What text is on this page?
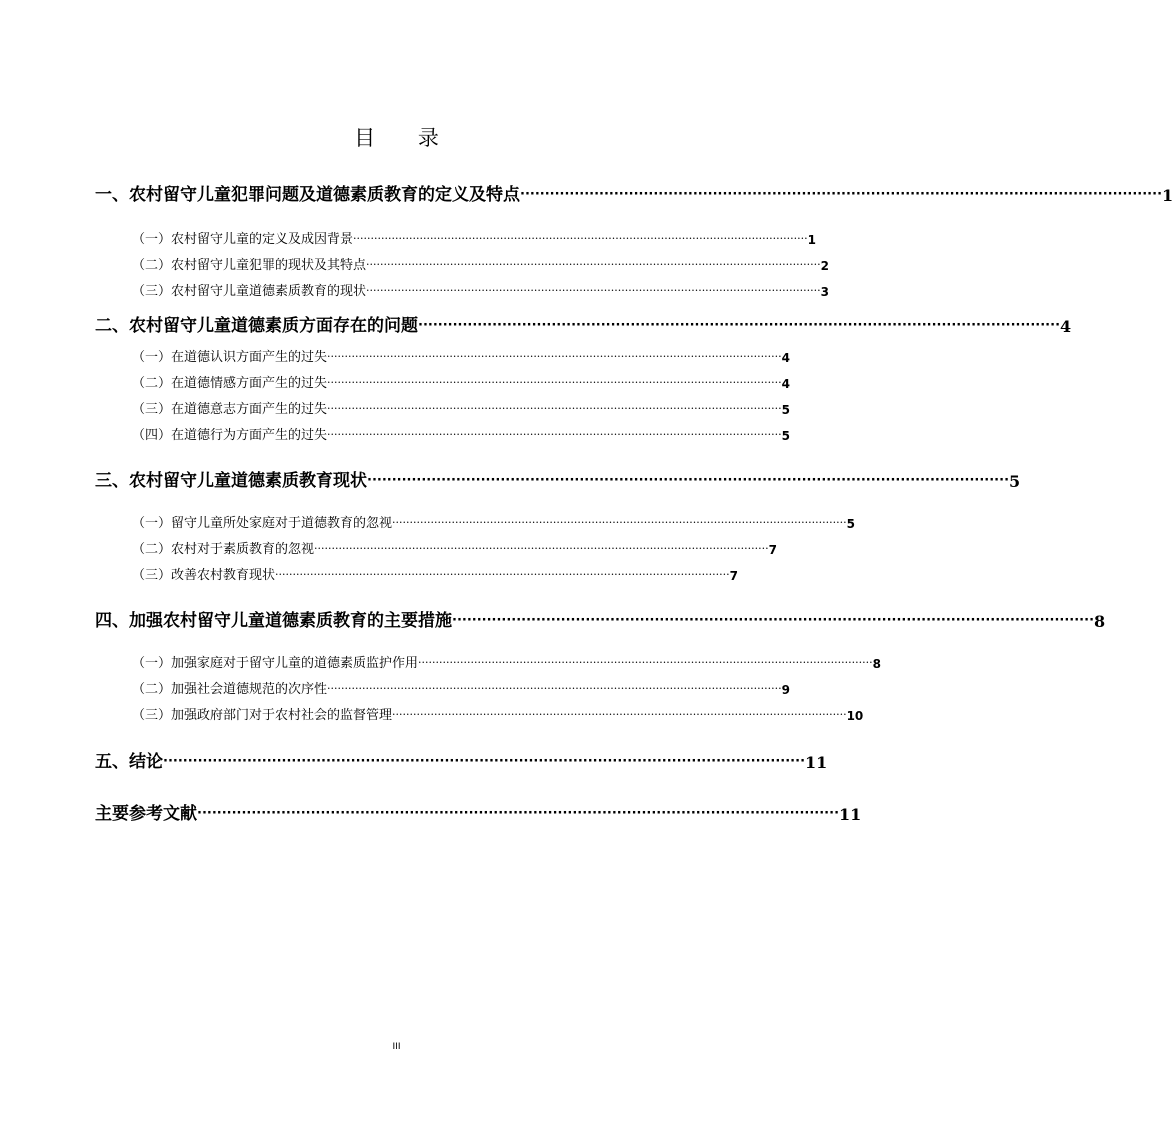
目 录
一、农村留守儿童犯罪问题及道德素质教育的定义及特点 ·································································································································· 1
（一）农村留守儿童的定义及成因背景 ·································································································································· 1
（二）农村留守儿童犯罪的现状及其特点 ·································································································································· 2
（三）农村留守儿童道德素质教育的现状 ·································································································································· 3
二、农村留守儿童道德素质方面存在的问题 ·································································································································· 4
（一）在道德认识方面产生的过失 ·································································································································· 4
（二）在道德情感方面产生的过失 ·································································································································· 4
（三）在道德意志方面产生的过失 ·································································································································· 5
（四）在道德行为方面产生的过失 ·································································································································· 5
三、农村留守儿童道德素质教育现状 ·································································································································· 5
（一）留守儿童所处家庭对于道德教育的忽视 ·································································································································· 5
（二）农村对于素质教育的忽视 ·································································································································· 7
（三）改善农村教育现状 ·································································································································· 7
四、加强农村留守儿童道德素质教育的主要措施 ·································································································································· 8
（一）加强家庭对于留守儿童的道德素质监护作用 ·································································································································· 8
（二）加强社会道德规范的次序性 ·································································································································· 9
（三）加强政府部门对于农村社会的监督管理 ·································································································································· 10
五、结论 ·································································································································· 11
主要参考文献 ·································································································································· 11
III
